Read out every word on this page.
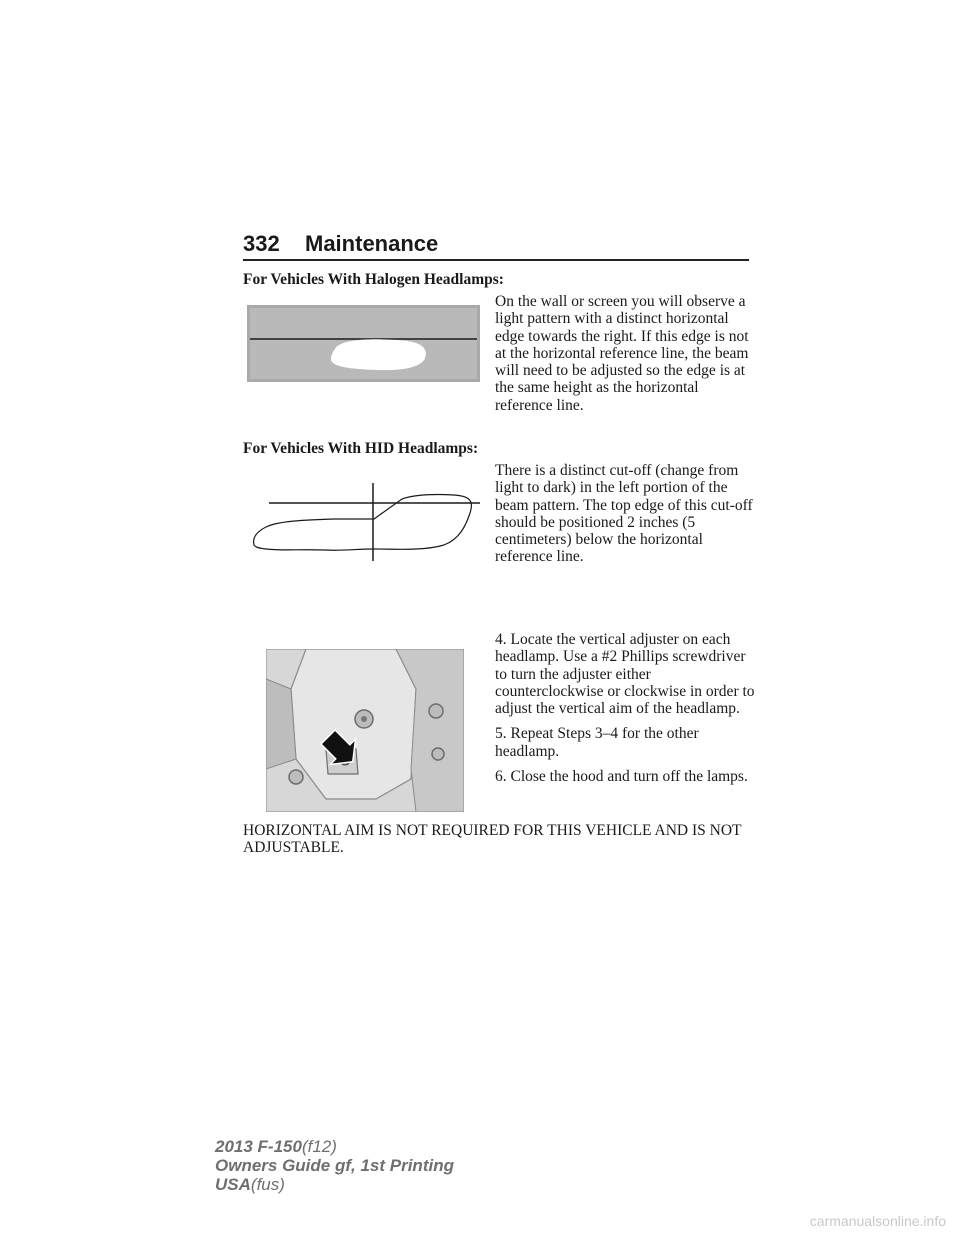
332 Maintenance
For Vehicles With Halogen Headlamps:
On the wall or screen you will observe a light pattern with a distinct horizontal edge towards the right. If this edge is not at the horizontal reference line, the beam will need to be adjusted so the edge is at the same height as the horizontal reference line.
For Vehicles With HID Headlamps:
There is a distinct cut-off (change from light to dark) in the left portion of the beam pattern. The top edge of this cut-off should be positioned 2 inches (5 centimeters) below the horizontal reference line.

4. Locate the vertical adjuster on each headlamp. Use a #2 Phillips screwdriver to turn the adjuster either counterclockwise or clockwise in order to adjust the vertical aim of the headlamp.

5. Repeat Steps 3–4 for the other headlamp.

6. Close the hood and turn off the lamps.

HORIZONTAL AIM IS NOT REQUIRED FOR THIS VEHICLE AND IS NOT ADJUSTABLE.
2013 F-150(f12)
Owners Guide gf, 1st Printing
USA(fus)
carmanualsonline.info
